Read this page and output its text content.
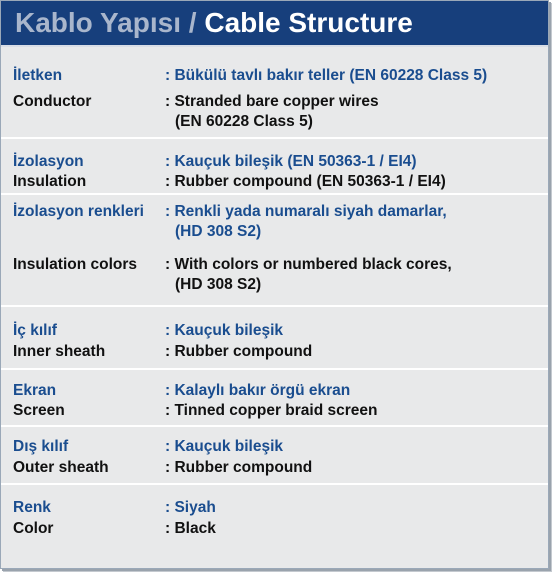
Kablo Yapısı / Cable Structure
İletken	: Bükülü tavlı bakır teller (EN 60228 Class 5)
Conductor	: Stranded bare copper wires
(EN 60228 Class 5)
İzolasyon	: Kauçuk bileşik (EN 50363-1 / EI4)
Insulation	: Rubber compound (EN 50363-1 / EI4)
İzolasyon renkleri : Renkli yada numaralı siyah damarlar,
(HD 308 S2)
Insulation colors : With colors or numbered black cores,
(HD 308 S2)
İç kılıf	: Kauçuk bileşik
Inner sheath	: Rubber compound
Ekran	: Kalaylı bakır örgü ekran
Screen	: Tinned copper braid screen
Dış kılıf	: Kauçuk bileşik
Outer sheath	: Rubber compound
Renk	: Siyah
Color	: Black
